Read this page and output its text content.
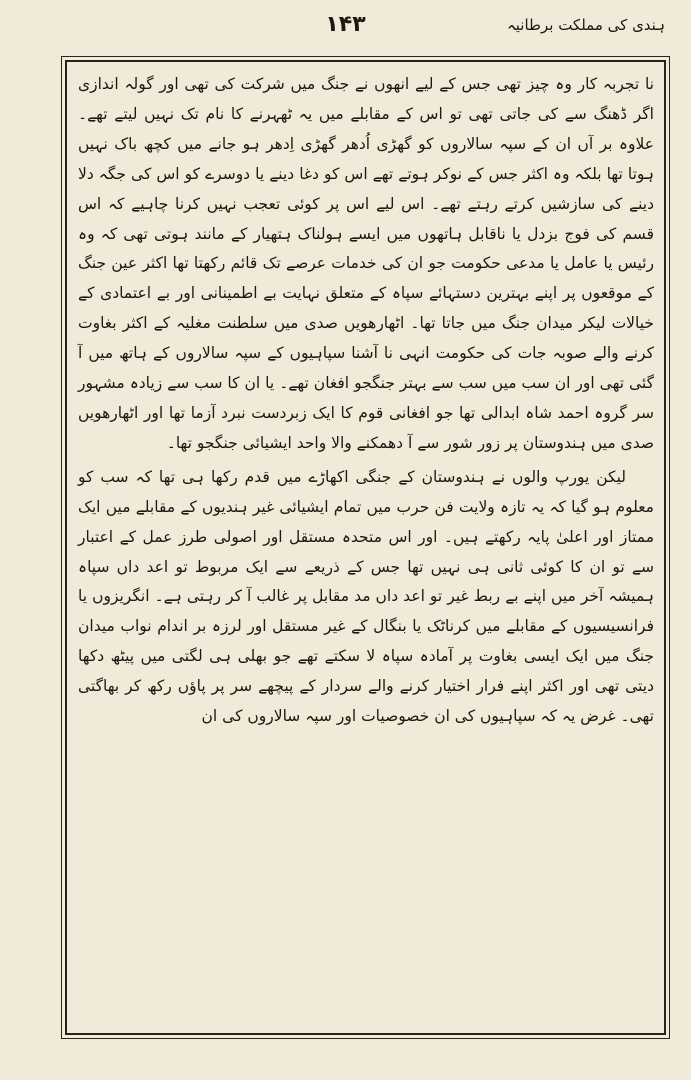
۱۴۳	ہندی کی مملکت برطانیہ

نا تجربہ کار وہ چیز تھی جس کے لیے انھوں نے جنگ میں شرکت کی تھی اور گولہ اندازی اگر ڈھنگ سے کی جاتی تھی تو اس کے مقابلے میں یہ ٹھہرنے کا نام تک نہیں لیتے تھے۔ علاوہ بر آں ان کے سپہ سالاروں کو گھڑی اُدھر گھڑی اِدھر ہو جانے میں کچھ باک نہیں ہوتا تھا بلکہ وہ اکثر جس کے نوکر ہوتے تھے اس کو دغا دینے یا دوسرے کو اس کی جگہ دلا دینے کی سازشیں کرتے رہتے تھے۔ اس لیے اس پر کوئی تعجب نہیں کرنا چاہیے کہ اس قسم کی فوج بزدل یا ناقابل ہاتھوں میں ایسے ہولناک ہتھیار کے مانند ہوتی تھی کہ وہ رئیس یا عامل یا مدعی حکومت جو ان کی خدمات عرصے تک قائم رکھتا تھا اکثر عین جنگ کے موقعوں پر اپنے بہترین دستہائے سپاہ کے متعلق نہایت بے اطمینانی اور بے اعتمادی کے خیالات لیکر میدان جنگ میں جاتا تھا۔ اٹھارھویں صدی میں سلطنت مغلیہ کے اکثر بغاوت کرنے والے صوبہ جات کی حکومت انہی نا آشنا سپاہیوں کے سپہ سالاروں کے ہاتھ میں آ گئی تھی اور ان سب میں سب سے بہتر جنگجو افغان تھے۔ یا ان کا سب سے زیادہ مشہور سر گروہ احمد شاہ ابدالی تھا جو افغانی قوم کا ایک زبردست نبرد آزما تھا اور اٹھارھویں صدی میں ہندوستان پر زور شور سے آ دھمکنے والا واحد ایشیائی جنگجو تھا۔

لیکن یورپ والوں نے ہندوستان کے جنگی اکھاڑے میں قدم رکھا ہی تھا کہ سب کو معلوم ہو گیا کہ یہ تازہ ولایت فن حرب میں تمام ایشیائی غیر ہندیوں کے مقابلے میں ایک ممتاز اور اعلیٰ پایہ رکھتے ہیں۔ اور اس متحدہ مستقل اور اصولی طرز عمل کے اعتبار سے تو ان کا کوئی ثانی ہی نہیں تھا جس کے ذریعے سے ایک مربوط تو اعد داں سپاہ ہمیشہ آخر میں اپنے بے ربط غیر تو اعد داں مد مقابل پر غالب آ کر رہتی ہے۔ انگریزوں یا فرانسیسیوں کے مقابلے میں کرناٹک یا بنگال کے غیر مستقل اور لرزہ بر اندام نواب میدان جنگ میں ایک ایسی بغاوت پر آمادہ سپاہ لا سکتے تھے جو بھلی ہی لگتی میں پیٹھ دکھا دیتی تھی اور اکثر اپنے فرار اختیار کرنے والے سردار کے پیچھے سر پر پاؤں رکھ کر بھاگتی تھی۔ غرض یہ کہ سپاہیوں کی ان خصوصیات اور سپہ سالاروں کی ان
